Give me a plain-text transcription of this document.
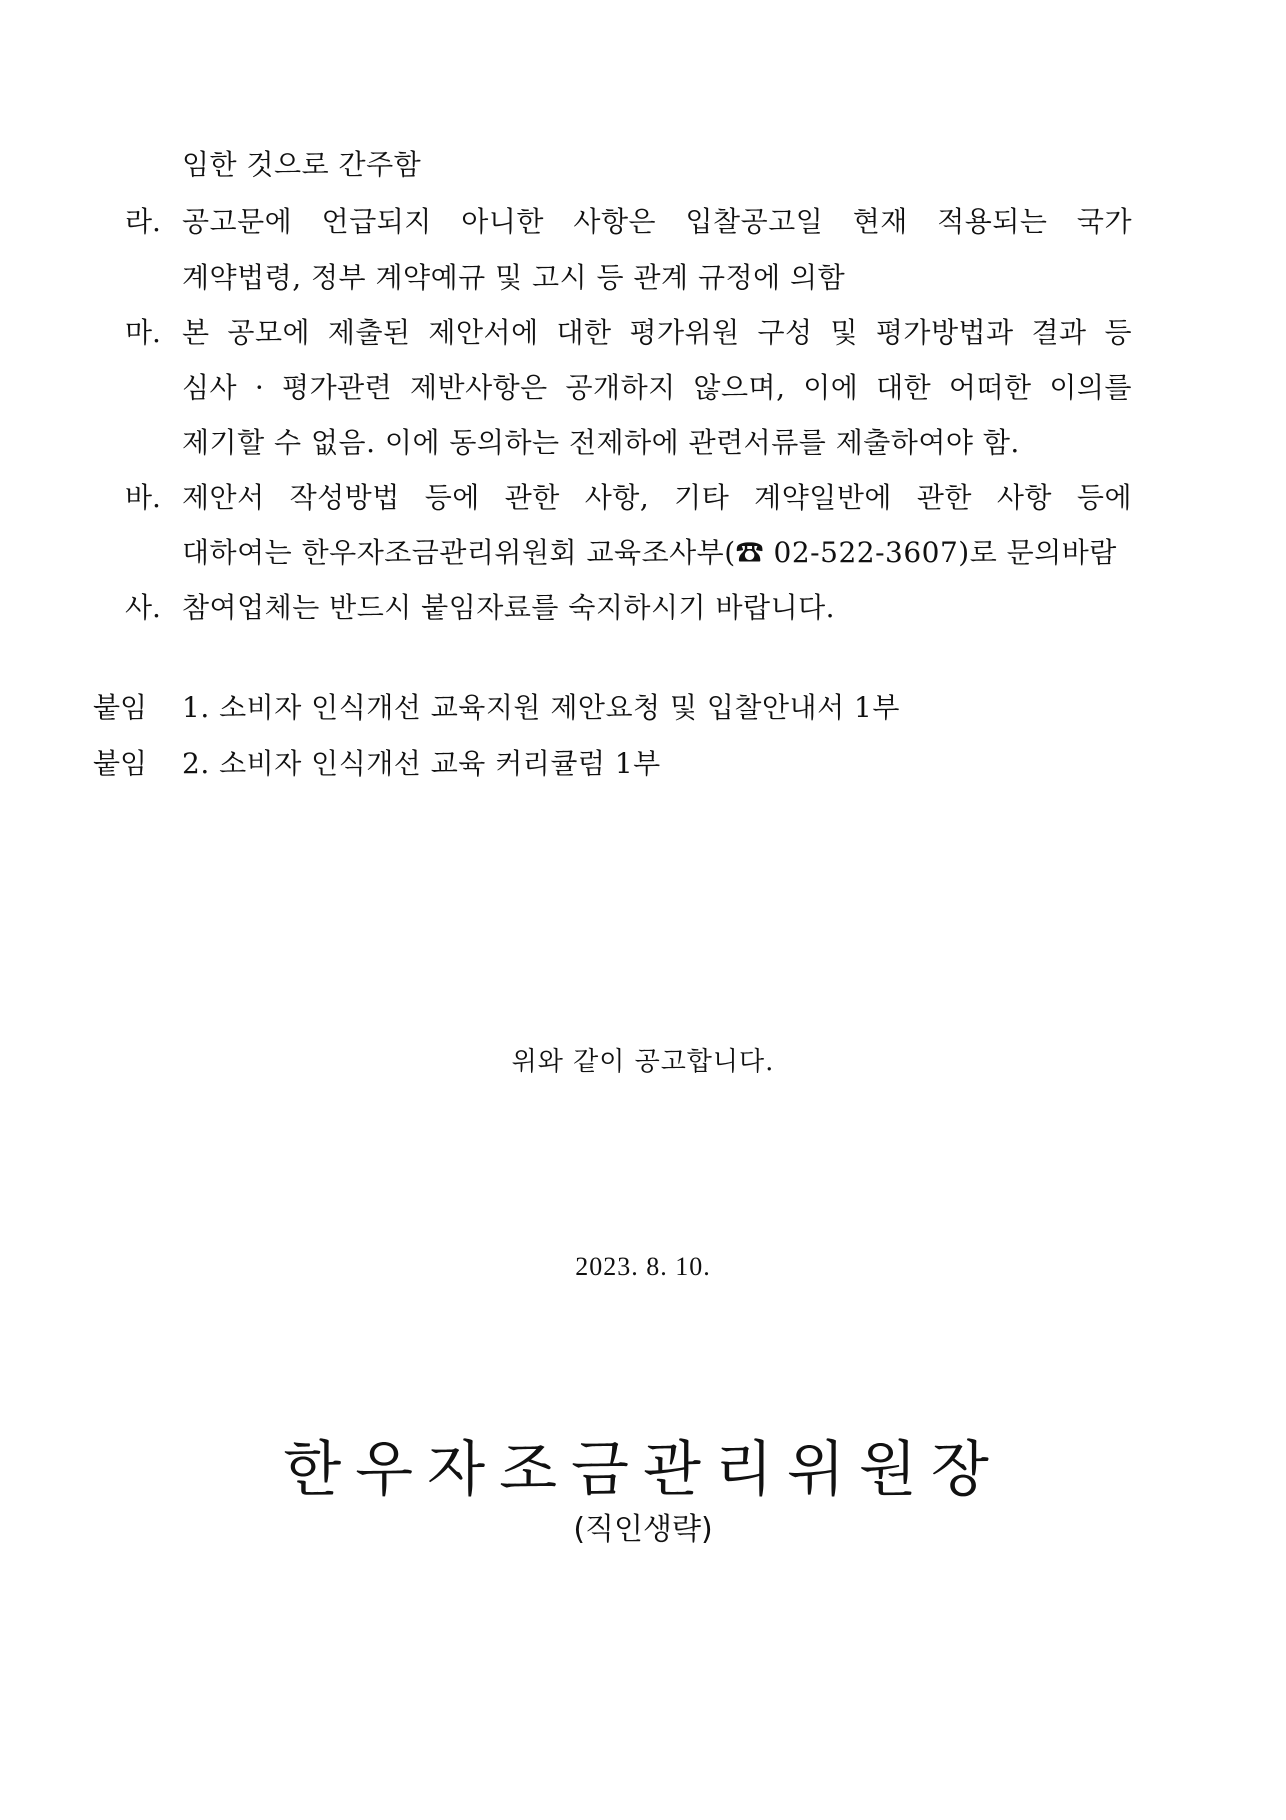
임한 것으로 간주함
라. 공고문에 언급되지 아니한 사항은 입찰공고일 현재 적용되는 국가
계약법령, 정부 계약예규 및 고시 등 관계 규정에 의함
마. 본 공모에 제출된 제안서에 대한 평가위원 구성 및 평가방법과 결과 등
심사 · 평가관련 제반사항은 공개하지 않으며, 이에 대한 어떠한 이의를
제기할 수 없음. 이에 동의하는 전제하에 관련서류를 제출하여야 함.
바. 제안서 작성방법 등에 관한 사항, 기타 계약일반에 관한 사항 등에
대하여는 한우자조금관리위원회 교육조사부(☎ 02-522-3607)로 문의바람
사. 참여업체는 반드시 붙임자료를 숙지하시기 바랍니다.
붙임 1. 소비자 인식개선 교육지원 제안요청 및 입찰안내서 1부
붙임 2. 소비자 인식개선 교육 커리큘럼 1부
위와 같이 공고합니다.
2023. 8. 10.
한우자조금관리위원장
(직인생략)
